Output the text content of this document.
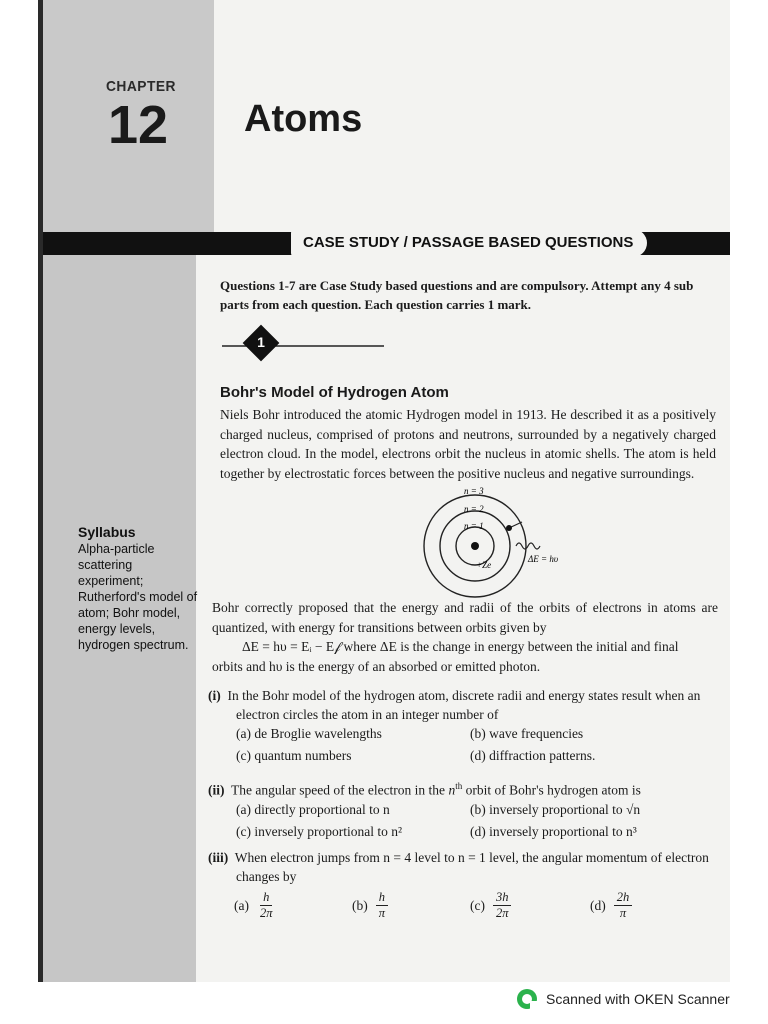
CHAPTER
12 Atoms
CASE STUDY / PASSAGE BASED QUESTIONS
Questions 1-7 are Case Study based questions and are compulsory. Attempt any 4 sub parts from each question. Each question carries 1 mark.
1
Bohr's Model of Hydrogen Atom
Niels Bohr introduced the atomic Hydrogen model in 1913. He described it as a positively charged nucleus, comprised of protons and neutrons, surrounded by a negatively charged electron cloud. In the model, electrons orbit the nucleus in atomic shells. The atom is held together by electrostatic forces between the positive nucleus and negative surroundings.
n = 3
n = 2
n = 1
+Ze
ΔE = hυ
Syllabus
Alpha-particle scattering experiment; Rutherford's model of atom; Bohr model, energy levels, hydrogen spectrum.
Bohr correctly proposed that the energy and radii of the orbits of electrons in atoms are quantized, with energy for transitions between orbits given by
ΔE = hυ = Eᵢ − E𝒻 where ΔE is the change in energy between the initial and final
orbits and hυ is the energy of an absorbed or emitted photon.
(i) In the Bohr model of the hydrogen atom, discrete radii and energy states result when an electron circles the atom in an integer number of
(a) de Broglie wavelengths	(b) wave frequencies
(c) quantum numbers	(d) diffraction patterns.
(ii) The angular speed of the electron in the $n^{th}$ orbit of Bohr's hydrogen atom is
(a) directly proportional to n	(b) inversely proportional to √n
(c) inversely proportional to n²	(d) inversely proportional to n³
(iii) When electron jumps from n = 4 level to n = 1 level, the angular momentum of electron changes by
$(a) \frac{h}{2\pi}$	$(b) \frac{h}{\pi}$	$(c) \frac{3h}{2\pi}$	$(d) \frac{2h}{\pi}$
Scanned with OKEN Scanner
